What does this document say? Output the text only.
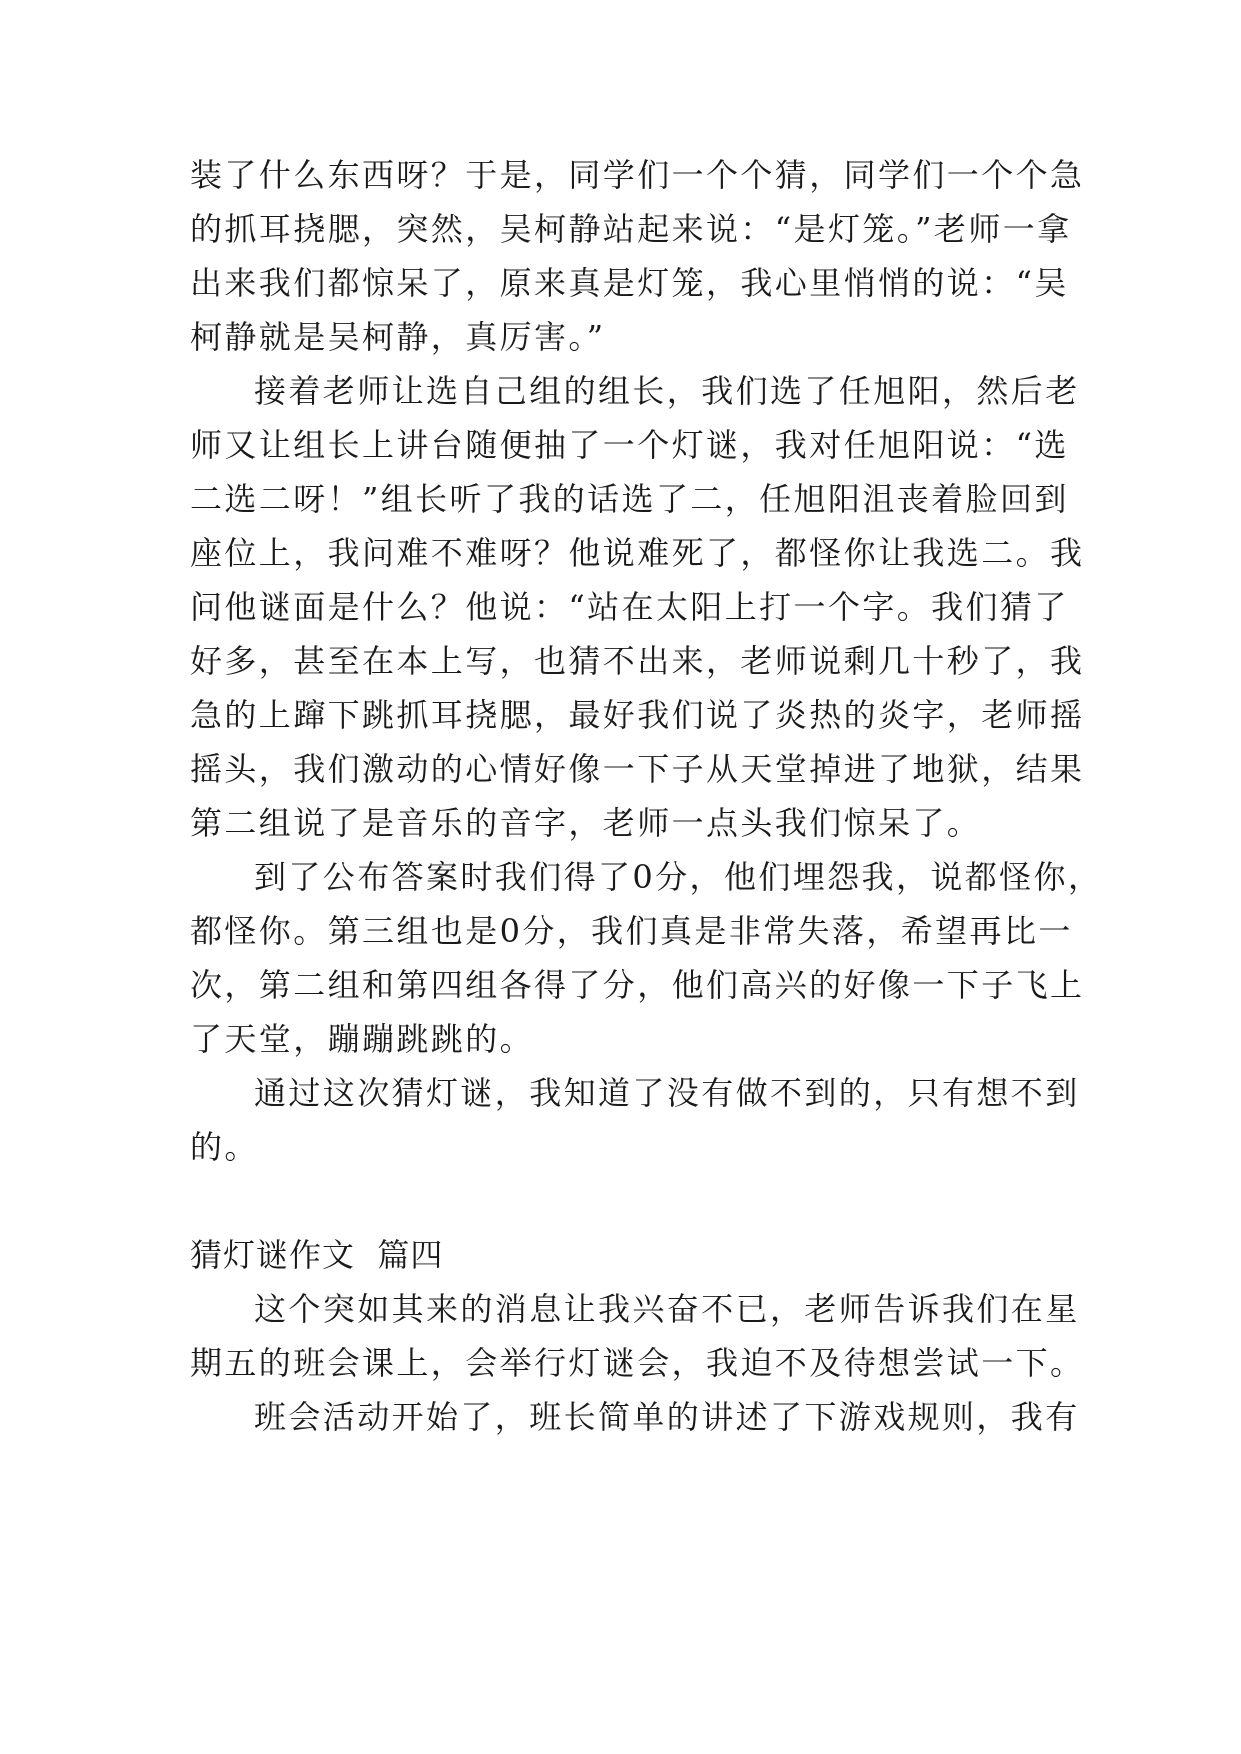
装了什么东西呀？于是，同学们一个个猜，同学们一个个急
的抓耳挠腮，突然，吴柯静站起来说：“是灯笼。”老师一拿
出来我们都惊呆了，原来真是灯笼，我心里悄悄的说：“吴
柯静就是吴柯静，真厉害。”
接着老师让选自己组的组长，我们选了任旭阳，然后老
师又让组长上讲台随便抽了一个灯谜，我对任旭阳说：“选
二选二呀！”组长听了我的话选了二，任旭阳沮丧着脸回到
座位上，我问难不难呀？他说难死了，都怪你让我选二。我
问他谜面是什么？他说：“站在太阳上打一个字。我们猜了
好多，甚至在本上写，也猜不出来，老师说剩几十秒了，我
急的上蹿下跳抓耳挠腮，最好我们说了炎热的炎字，老师摇
摇头，我们激动的心情好像一下子从天堂掉进了地狱，结果
第二组说了是音乐的音字，老师一点头我们惊呆了。
到了公布答案时我们得了0分，他们埋怨我，说都怪你，
都怪你。第三组也是0分，我们真是非常失落，希望再比一
次，第二组和第四组各得了分，他们高兴的好像一下子飞上
了天堂，蹦蹦跳跳的。
通过这次猜灯谜，我知道了没有做不到的，只有想不到
的。
猜灯谜作文  篇四
这个突如其来的消息让我兴奋不已，老师告诉我们在星
期五的班会课上，会举行灯谜会，我迫不及待想尝试一下。
班会活动开始了，班长简单的讲述了下游戏规则，我有
